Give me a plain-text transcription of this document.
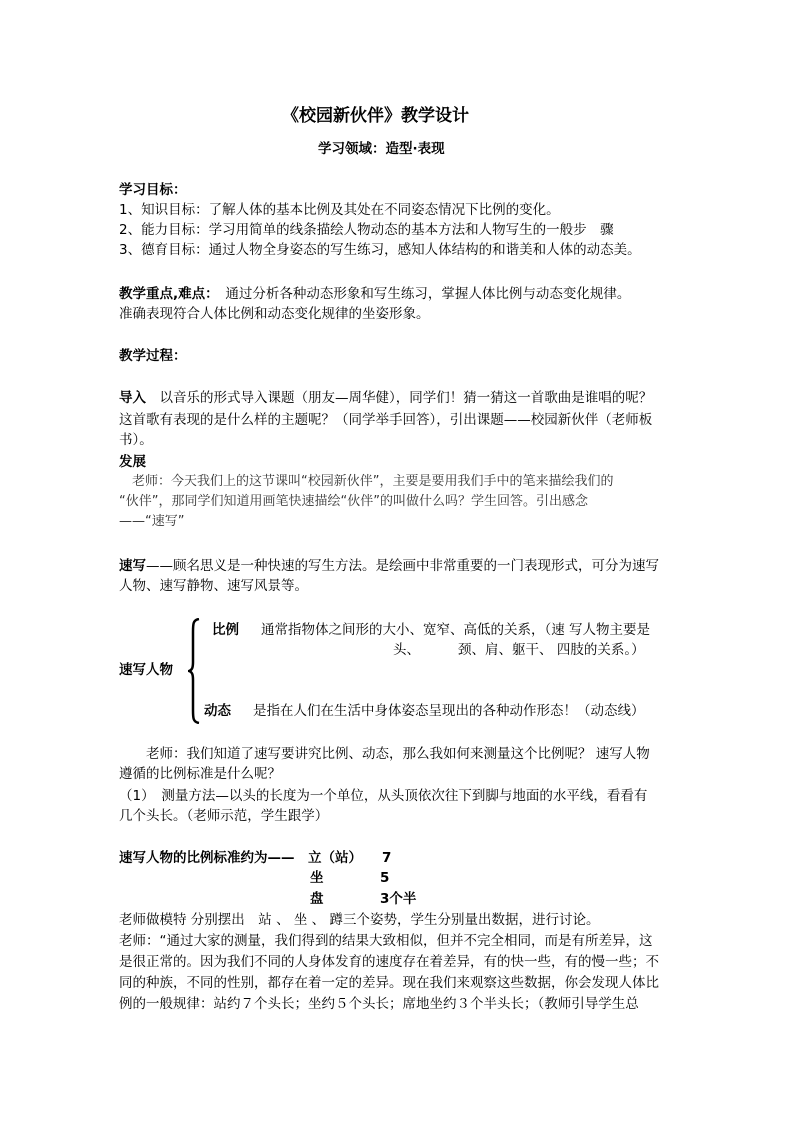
《校园新伙伴》教学设计
学习领域：造型·表现
学习目标：
1、知识目标：了解人体的基本比例及其处在不同姿态情况下比例的变化。
2、能力目标：学习用简单的线条描绘人物动态的基本方法和人物写生的一般步　骤
3、德育目标：通过人物全身姿态的写生练习，感知人体结构的和谐美和人体的动态美。
教学重点,难点：　通过分析各种动态形象和写生练习，掌握人体比例与动态变化规律。
准确表现符合人体比例和动态变化规律的坐姿形象。
教学过程：
导入　以音乐的形式导入课题（朋友—周华健），同学们！猜一猜这一首歌曲是谁唱的呢？
这首歌有表现的是什么样的主题呢？（同学举手回答），引出课题——校园新伙伴（老师板
书）。
发展
　老师：今天我们上的这节课叫“校园新伙伴”，主要是要用我们手中的笔来描绘我们的
“伙伴”，那同学们知道用画笔快速描绘“伙伴”的叫做什么吗？学生回答。引出感念
——“速写”
速写——顾名思义是一种快速的写生方法。是绘画中非常重要的一门表现形式，可分为速写
人物、速写静物、速写风景等。
速写人物
比例 通常指物体之间形的大小、宽窄、高低的关系，（速 写人物主要是
头、　　　 颈、肩、躯干、 四肢的关系。）
动态 是指在人们在生活中身体姿态呈现出的各种动作形态！（动态线）
　　老师：我们知道了速写要讲究比例、动态，那么我如何来测量这个比例呢？ 速写人物
遵循的比例标准是什么呢？
（1）　测量方法—以头的长度为一个单位，从头顶依次往下到脚与地面的水平线，看看有
几个头长。（老师示范，学生跟学）
速写人物的比例标准约为—— 立（站） 7
坐	5
盘	3个半
老师做模特 分别摆出　站 、 坐 、 蹲三个姿势，学生分别量出数据，进行讨论。
老师：“通过大家的测量，我们得到的结果大致相似，但并不完全相同，而是有所差异，这
是很正常的。因为我们不同的人身体发育的速度存在着差异，有的快一些，有的慢一些；不
同的种族，不同的性别，都存在着一定的差异。现在我们来观察这些数据，你会发现人体比
例的一般规律：站约７个头长；坐约５个头长；席地坐约３个半头长；（教师引导学生总
